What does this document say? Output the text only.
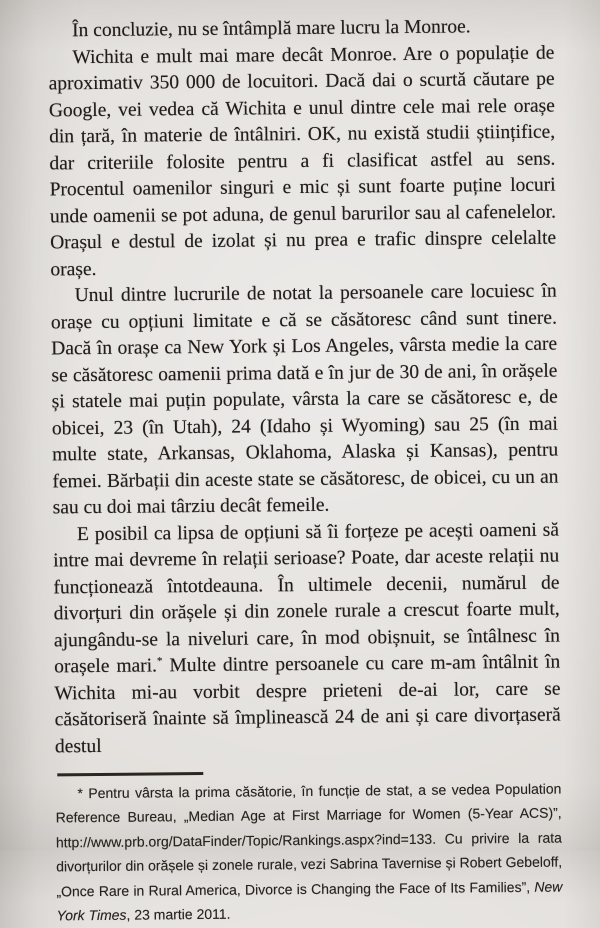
În concluzie, nu se întâmplă mare lucru la Monroe.

Wichita e mult mai mare decât Monroe. Are o populație de aproximativ 350 000 de locuitori. Dacă dai o scurtă căutare pe Google, vei vedea că Wichita e unul dintre cele mai rele orașe din țară, în materie de întâlniri. OK, nu există studii științifice, dar criteriile folosite pentru a fi clasificat astfel au sens. Procentul oamenilor singuri e mic și sunt foarte puține locuri unde oamenii se pot aduna, de genul barurilor sau al cafenelelor. Orașul e destul de izolat și nu prea e trafic dinspre celelalte orașe.

Unul dintre lucrurile de notat la persoanele care locuiesc în orașe cu opțiuni limitate e că se căsătoresc când sunt tinere. Dacă în orașe ca New York și Los Angeles, vârsta medie la care se căsătoresc oamenii prima dată e în jur de 30 de ani, în orășele și statele mai puțin populate, vârsta la care se căsătoresc e, de obicei, 23 (în Utah), 24 (Idaho și Wyoming) sau 25 (în mai multe state, Arkansas, Oklahoma, Alaska și Kansas), pentru femei. Bărbații din aceste state se căsătoresc, de obicei, cu un an sau cu doi mai târziu decât femeile.

E posibil ca lipsa de opțiuni să îi forțeze pe acești oameni să intre mai devreme în relații serioase? Poate, dar aceste relații nu funcționează întotdeauna. În ultimele decenii, numărul de divorțuri din orășele și din zonele rurale a crescut foarte mult, ajungându-se la niveluri care, în mod obișnuit, se întâlnesc în orașele mari.* Multe dintre persoanele cu care m-am întâlnit în Wichita mi-au vorbit despre prieteni de-ai lor, care se căsătoriseră înainte să împlinească 24 de ani și care divorțaseră destul

* Pentru vârsta la prima căsătorie, în funcție de stat, a se vedea Population Reference Bureau, „Median Age at First Marriage for Women (5-Year ACS)”, http://www.prb.org/DataFinder/Topic/Rankings.aspx?ind=133. Cu privire la rata divorțurilor din orășele și zonele rurale, vezi Sabrina Tavernise și Robert Gebeloff, „Once Rare in Rural America, Divorce is Changing the Face of Its Families”, New York Times, 23 martie 2011.
